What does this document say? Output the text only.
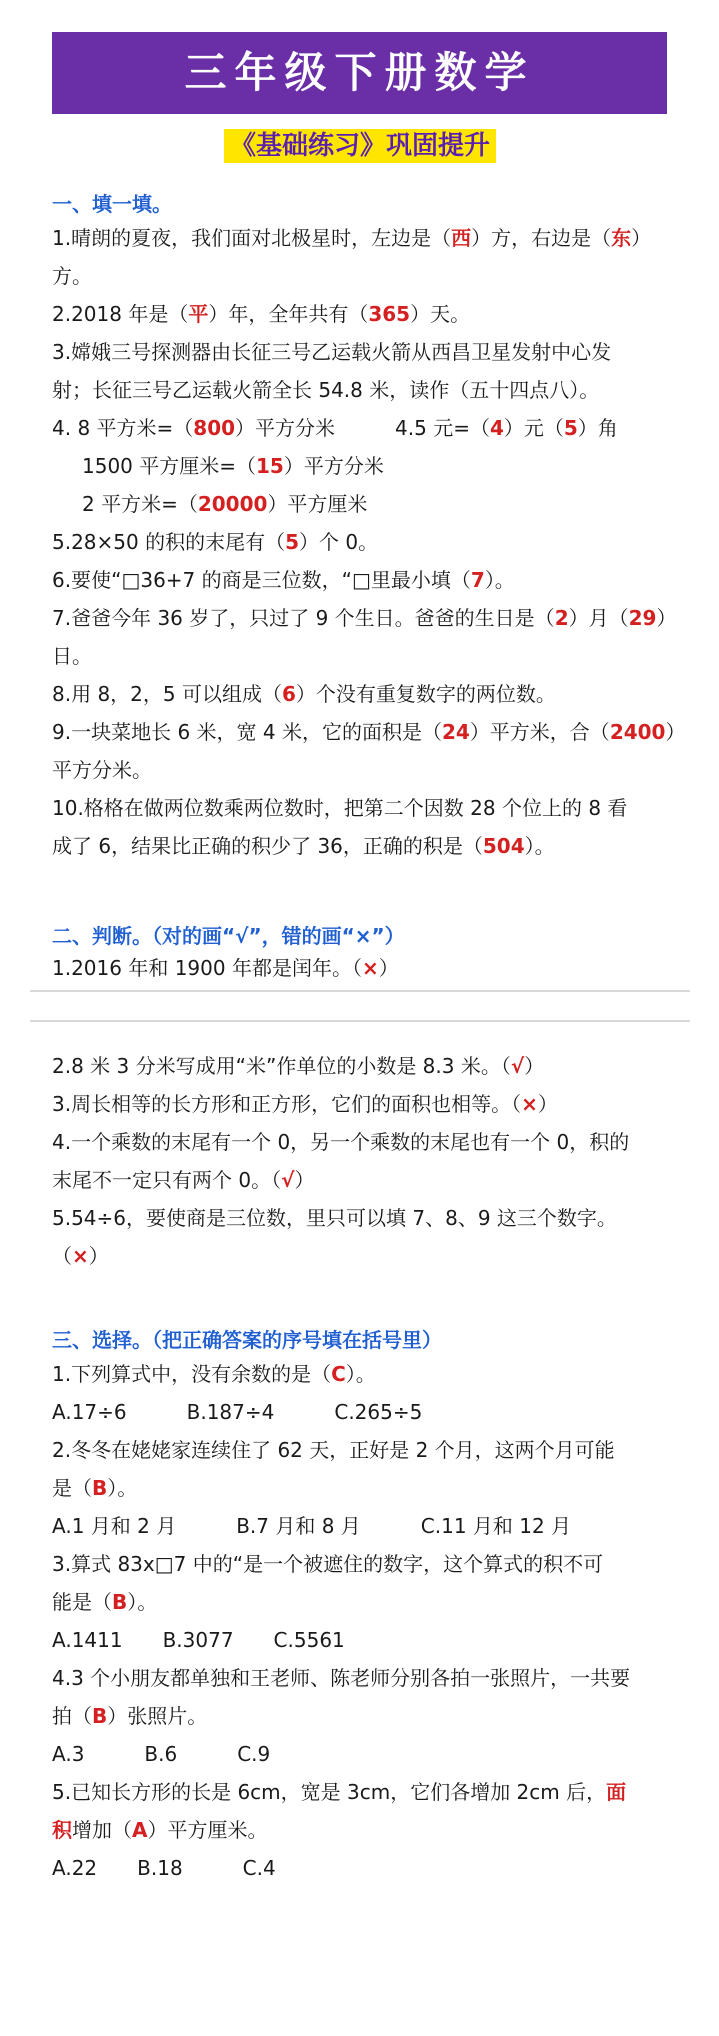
三年级下册数学
《基础练习》巩固提升
一、填一填。
1.晴朗的夏夜，我们面对北极星时，左边是（西）方，右边是（东）
方。
2.2018 年是（平）年，全年共有（365）天。
3.嫦娥三号探测器由长征三号乙运载火箭从西昌卫星发射中心发
射；长征三号乙运载火箭全长 54.8 米，读作（五十四点八）。
4. 8 平方米=（800）平方分米	4.5 元=（4）元（5）角
1500 平方厘米=（15）平方分米
2 平方米=（20000）平方厘米
5.28×50 的积的末尾有（5）个 0。
6.要使“□36+7 的商是三位数，“□里最小填（7）。
7.爸爸今年 36 岁了，只过了 9 个生日。爸爸的生日是（2）月（29）
日。
8.用 8，2，5 可以组成（6）个没有重复数字的两位数。
9.一块菜地长 6 米，宽 4 米，它的面积是（24）平方米，合（2400）
平方分米。
10.格格在做两位数乘两位数时，把第二个因数 28 个位上的 8 看
成了 6，结果比正确的积少了 36，正确的积是（504）。
二、判断。（对的画“√”，错的画“×”）
1.2016 年和 1900 年都是闰年。（×）
2.8 米 3 分米写成用“米”作单位的小数是 8.3 米。（√）
3.周长相等的长方形和正方形，它们的面积也相等。（×）
4.一个乘数的末尾有一个 0，另一个乘数的末尾也有一个 0，积的
末尾不一定只有两个 0。（√）
5.54÷6，要使商是三位数，里只可以填 7、8、9 这三个数字。
（×）
三、选择。（把正确答案的序号填在括号里）
1.下列算式中，没有余数的是（C）。
A.17÷6　　　B.187÷4　　　C.265÷5
2.冬冬在姥姥家连续住了 62 天，正好是 2 个月，这两个月可能
是（B）。
A.1 月和 2 月　　　B.7 月和 8 月　　　C.11 月和 12 月
3.算式 83x□7 中的“是一个被遮住的数字，这个算式的积不可
能是（B）。
A.1411　　B.3077　　C.5561
4.3 个小朋友都单独和王老师、陈老师分别各拍一张照片，一共要
拍（B）张照片。
A.3　　　B.6　　　C.9
5.已知长方形的长是 6cm，宽是 3cm，它们各增加 2cm 后，面
积增加（A）平方厘米。
A.22　　B.18　　　C.4
